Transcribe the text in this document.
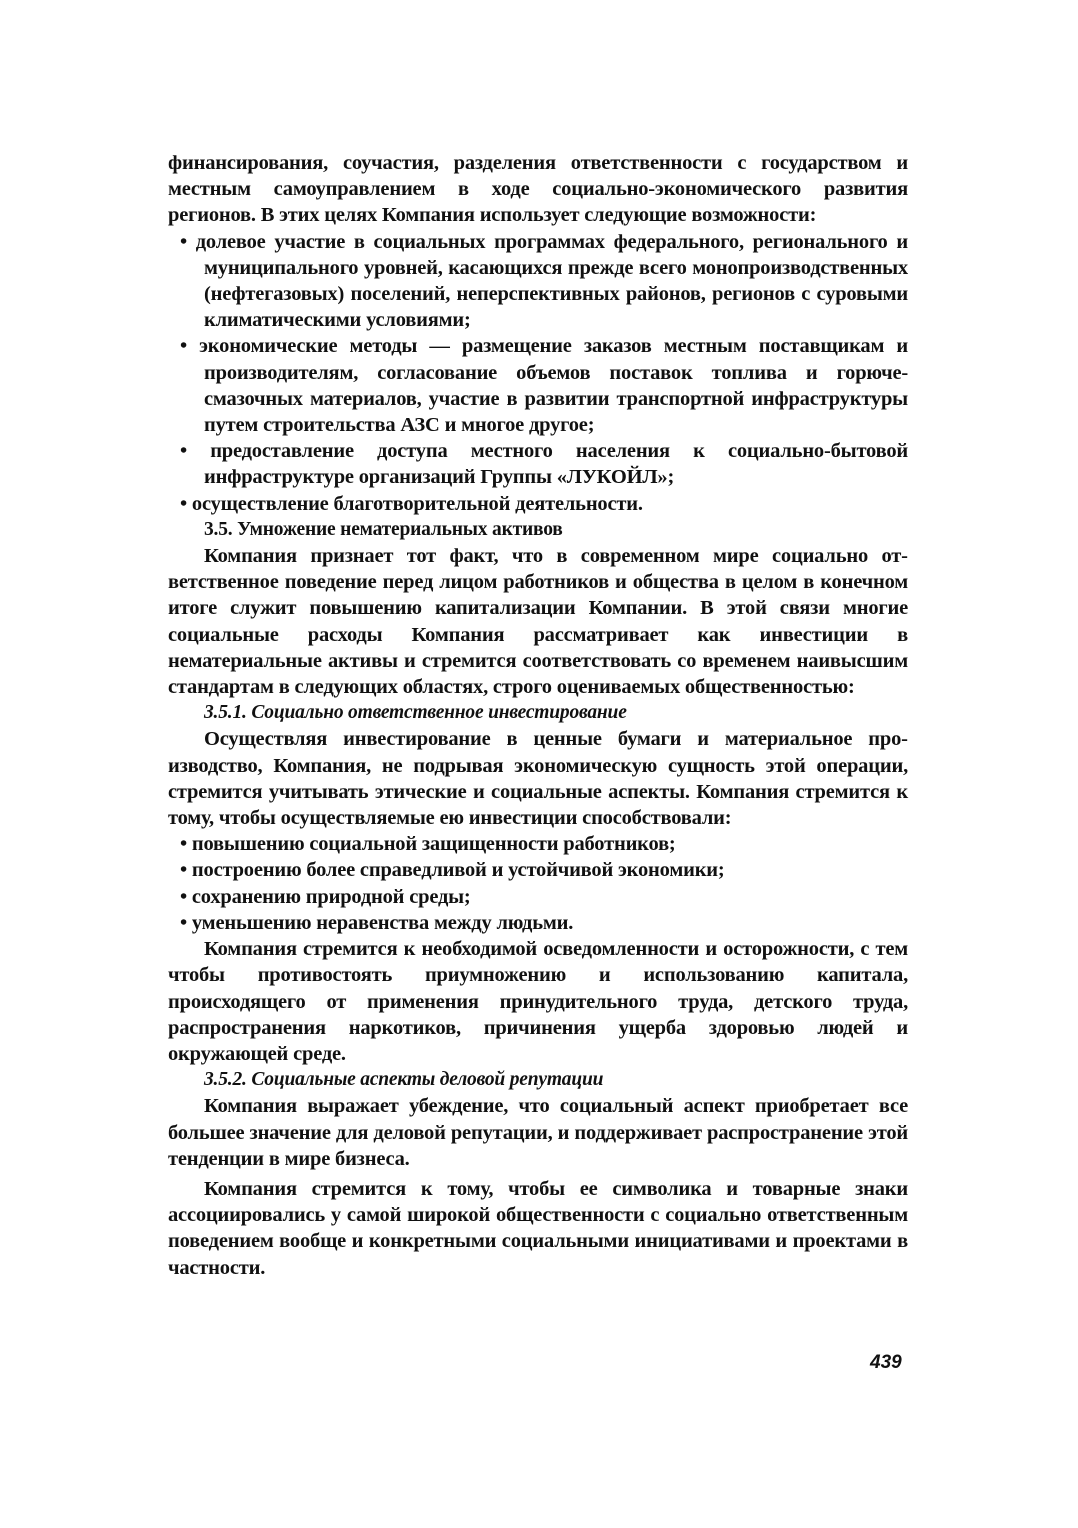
финансирования, соучастия, разделения ответственности с государством и местным самоуправлением в ходе социально-экономического развития регионов. В этих целях Компания использует следующие возможности:

• долевое участие в социальных программах федерального, регионального и муниципального уровней, касающихся прежде всего монопроизводственных (нефтегазовых) поселений, неперспективных районов, регионов с суровыми климатическими условиями;

• экономические методы — размещение заказов местным поставщикам и производителям, согласование объемов поставок топлива и горюче-смазочных материалов, участие в развитии транспортной инфраструктуры путем строительства АЗС и многое другое;

• предоставление доступа местного населения к социально-бытовой инфраструктуре организаций Группы «ЛУКОЙЛ»;

• осуществление благотворительной деятельности.

3.5. Умножение нематериальных активов

Компания признает тот факт, что в современном мире социально ответственное поведение перед лицом работников и общества в целом в конечном итоге служит повышению капитализации Компании. В этой связи многие социальные расходы Компания рассматривает как инвестиции в нематериальные активы и стремится соответствовать со временем наивысшим стандартам в следующих областях, строго оцениваемых общественностью:

3.5.1. Социально ответственное инвестирование

Осуществляя инвестирование в ценные бумаги и материальное производство, Компания, не подрывая экономическую сущность этой операции, стремится учитывать этические и социальные аспекты. Компания стремится к тому, чтобы осуществляемые ею инвестиции способствовали:

• повышению социальной защищенности работников;

• построению более справедливой и устойчивой экономики;

• сохранению природной среды;

• уменьшению неравенства между людьми.

Компания стремится к необходимой осведомленности и осторожности, с тем чтобы противостоять приумножению и использованию капитала, происходящего от применения принудительного труда, детского труда, распространения наркотиков, причинения ущерба здоровью людей и окружающей среде.

3.5.2. Социальные аспекты деловой репутации

Компания выражает убеждение, что социальный аспект приобретает все большее значение для деловой репутации, и поддерживает распространение этой тенденции в мире бизнеса.

Компания стремится к тому, чтобы ее символика и товарные знаки ассоциировались у самой широкой общественности с социально ответственным поведением вообще и конкретными социальными инициативами и проектами в частности.

439
